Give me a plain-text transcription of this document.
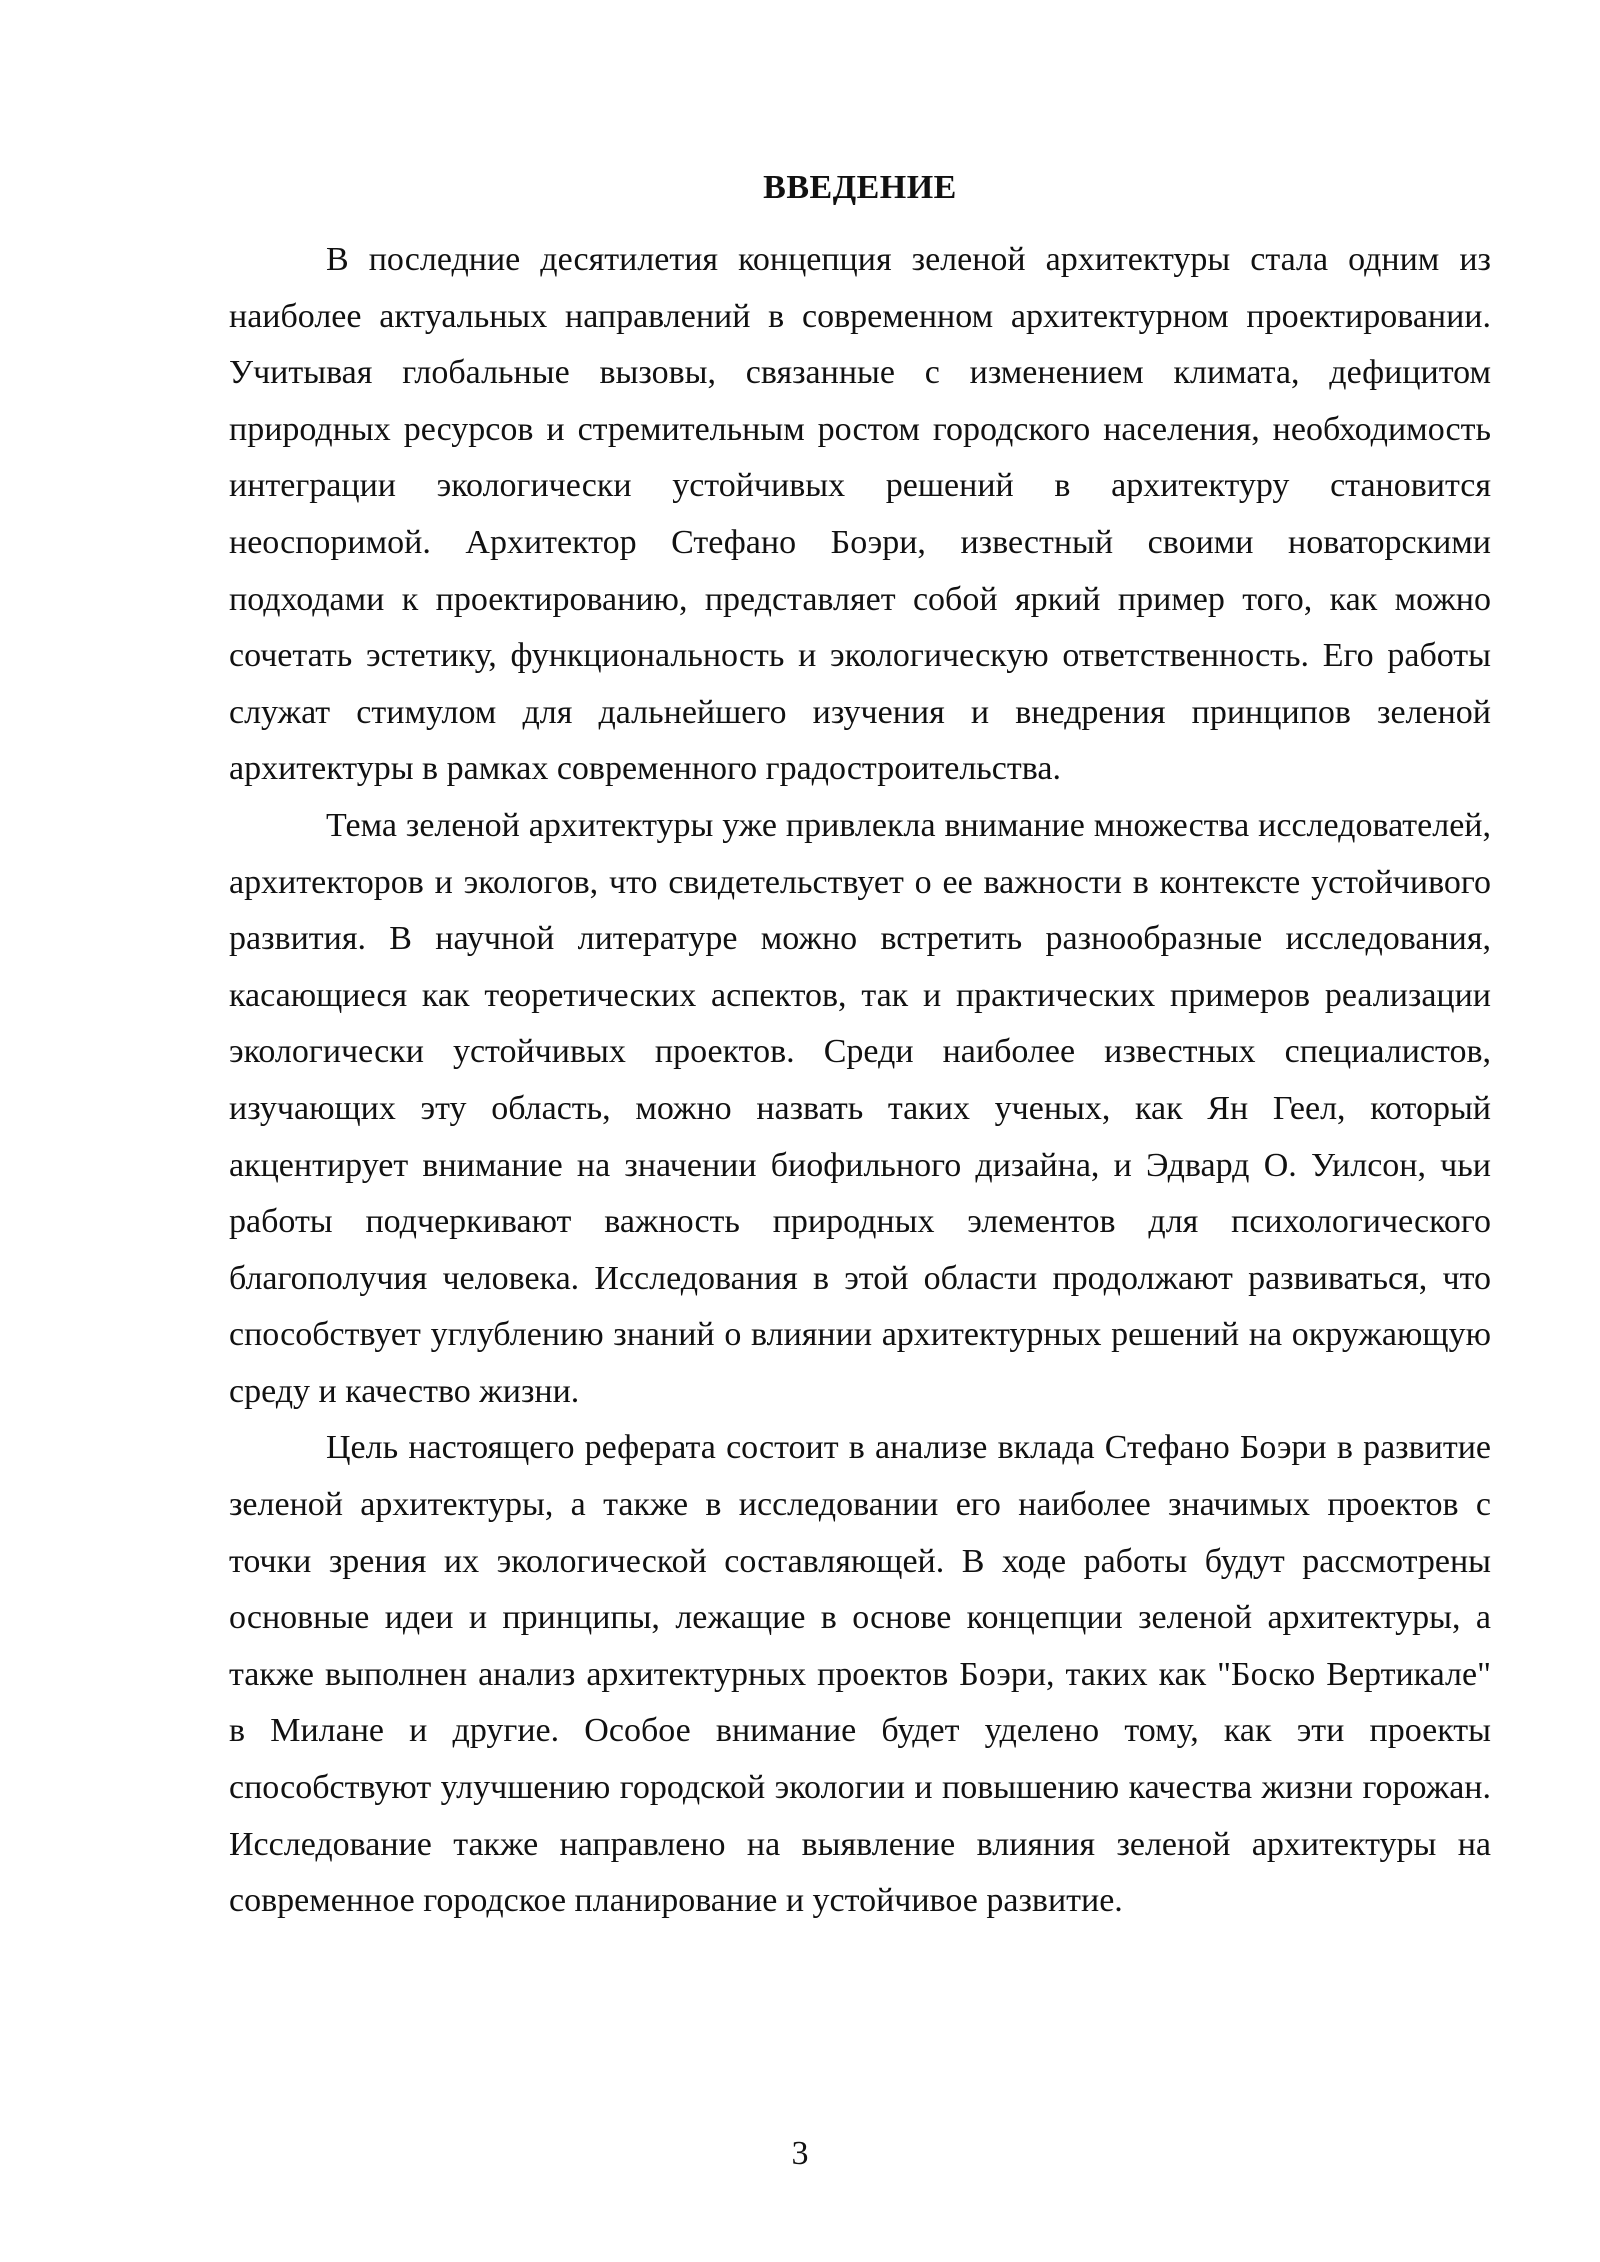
ВВЕДЕНИЕ

В последние десятилетия концепция зеленой архитектуры стала одним из наиболее актуальных направлений в современном архитектурном проектировании. Учитывая глобальные вызовы, связанные с изменением климата, дефицитом природных ресурсов и стремительным ростом городского населения, необходимость интеграции экологически устойчивых решений в архитектуру становится неоспоримой. Архитектор Стефано Боэри, известный своими новаторскими подходами к проектированию, представляет собой яркий пример того, как можно сочетать эстетику, функциональность и экологическую ответственность. Его работы служат стимулом для дальнейшего изучения и внедрения принципов зеленой архитектуры в рамках современного градостроительства.

Тема зеленой архитектуры уже привлекла внимание множества исследователей, архитекторов и экологов, что свидетельствует о ее важности в контексте устойчивого развития. В научной литературе можно встретить разнообразные исследования, касающиеся как теоретических аспектов, так и практических примеров реализации экологически устойчивых проектов. Среди наиболее известных специалистов, изучающих эту область, можно назвать таких ученых, как Ян Геел, который акцентирует внимание на значении биофильного дизайна, и Эдвард О. Уилсон, чьи работы подчеркивают важность природных элементов для психологического благополучия человека. Исследования в этой области продолжают развиваться, что способствует углублению знаний о влиянии архитектурных решений на окружающую среду и качество жизни.

Цель настоящего реферата состоит в анализе вклада Стефано Боэри в развитие зеленой архитектуры, а также в исследовании его наиболее значимых проектов с точки зрения их экологической составляющей. В ходе работы будут рассмотрены основные идеи и принципы, лежащие в основе концепции зеленой архитектуры, а также выполнен анализ архитектурных проектов Боэри, таких как "Боско Вертикале" в Милане и другие. Особое внимание будет уделено тому, как эти проекты способствуют улучшению городской экологии и повышению качества жизни горожан. Исследование также направлено на выявление влияния зеленой архитектуры на современное городское планирование и устойчивое развитие.

3
